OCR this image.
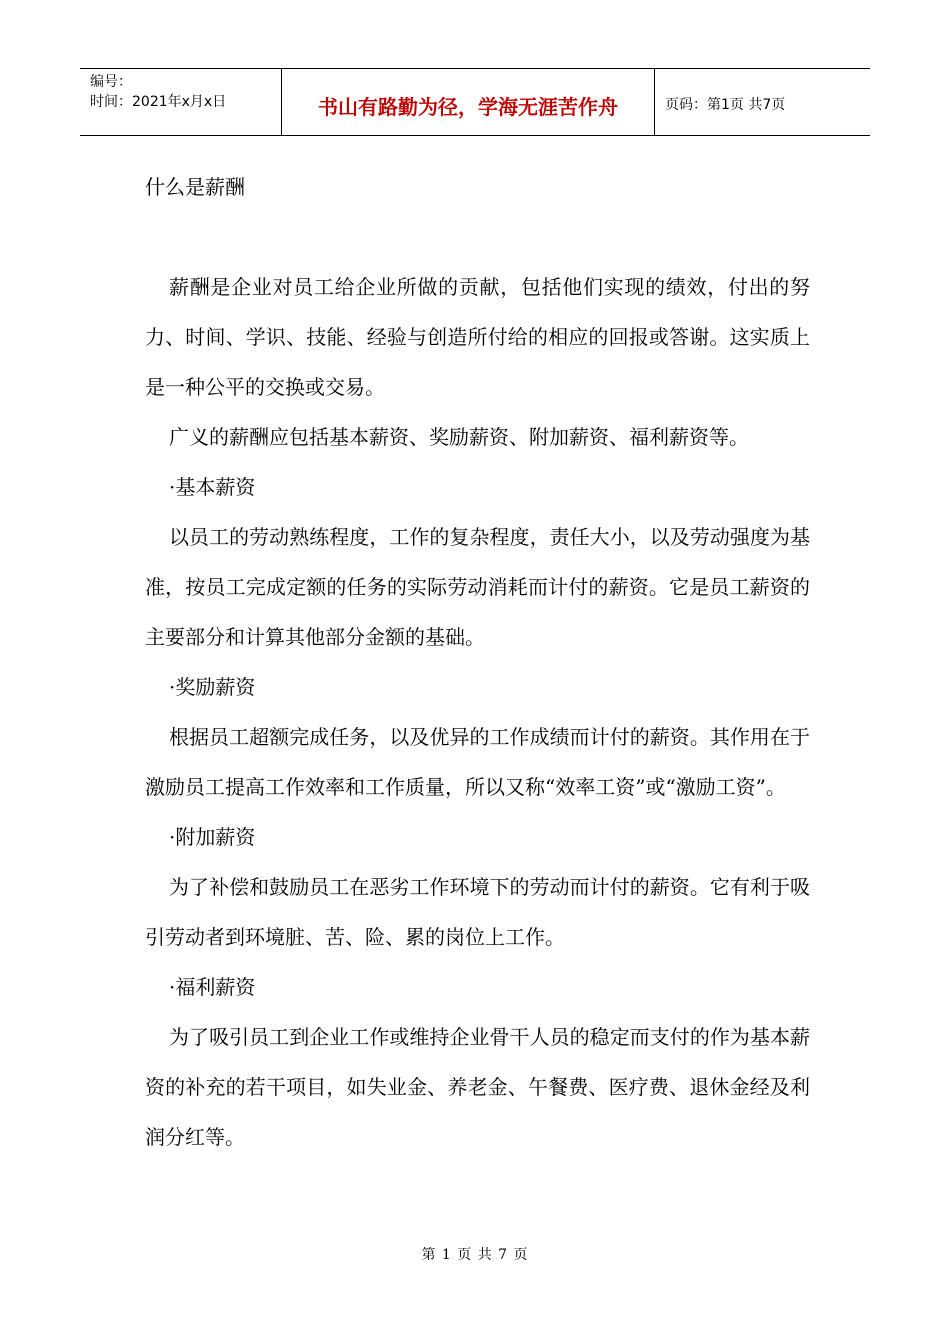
编号：
时间：2021年x月x日	书山有路勤为径，学海无涯苦作舟	页码：第1页 共7页

什么是薪酬

薪酬是企业对员工给企业所做的贡献，包括他们实现的绩效，付出的努力、时间、学识、技能、经验与创造所付给的相应的回报或答谢。这实质上是一种公平的交换或交易。

广义的薪酬应包括基本薪资、奖励薪资、附加薪资、福利薪资等。

·基本薪资

以员工的劳动熟练程度，工作的复杂程度，责任大小，以及劳动强度为基准，按员工完成定额的任务的实际劳动消耗而计付的薪资。它是员工薪资的主要部分和计算其他部分金额的基础。

·奖励薪资

根据员工超额完成任务，以及优异的工作成绩而计付的薪资。其作用在于激励员工提高工作效率和工作质量，所以又称“效率工资”或“激励工资”。

·附加薪资

为了补偿和鼓励员工在恶劣工作环境下的劳动而计付的薪资。它有利于吸引劳动者到环境脏、苦、险、累的岗位上工作。

·福利薪资

为了吸引员工到企业工作或维持企业骨干人员的稳定而支付的作为基本薪资的补充的若干项目，如失业金、养老金、午餐费、医疗费、退休金经及利润分红等。

第 1 页 共 7 页
